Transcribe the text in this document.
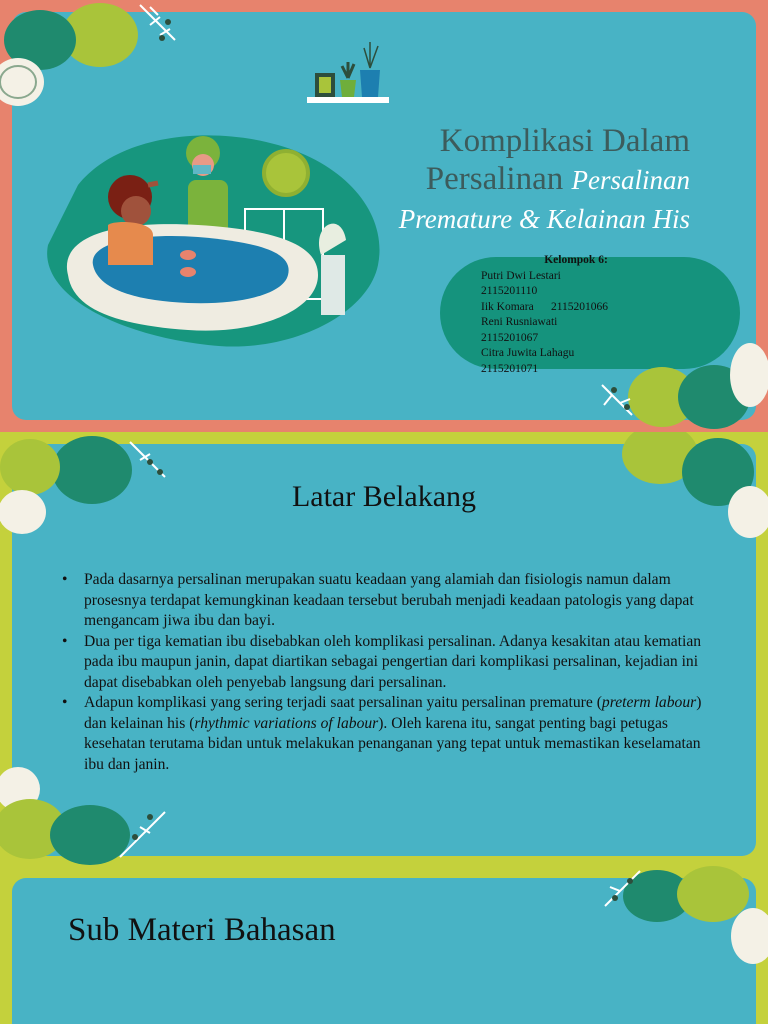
Komplikasi Dalam Persalinan Persalinan Premature & Kelainan His
Kelompok 6:
Putri Dwi Lestari
2115201110
Iik Komara      2115201066
Reni Rusniawati
2115201067
Citra Juwita Lahagu
2115201071
Latar Belakang
• Pada dasarnya persalinan merupakan suatu keadaan yang alamiah dan fisiologis namun dalam prosesnya terdapat kemungkinan keadaan tersebut berubah menjadi keadaan patologis yang dapat mengancam jiwa ibu dan bayi.
• Dua per tiga kematian ibu disebabkan oleh komplikasi persalinan. Adanya kesakitan atau kematian pada ibu maupun janin, dapat diartikan sebagai pengertian dari komplikasi persalinan, kejadian ini dapat disebabkan oleh penyebab langsung dari persalinan.
• Adapun komplikasi yang sering terjadi saat persalinan yaitu persalinan premature (preterm labour) dan kelainan his (rhythmic variations of labour). Oleh karena itu, sangat penting bagi petugas kesehatan terutama bidan untuk melakukan penanganan yang tepat untuk memastikan keselamatan ibu dan janin.
Sub Materi Bahasan
